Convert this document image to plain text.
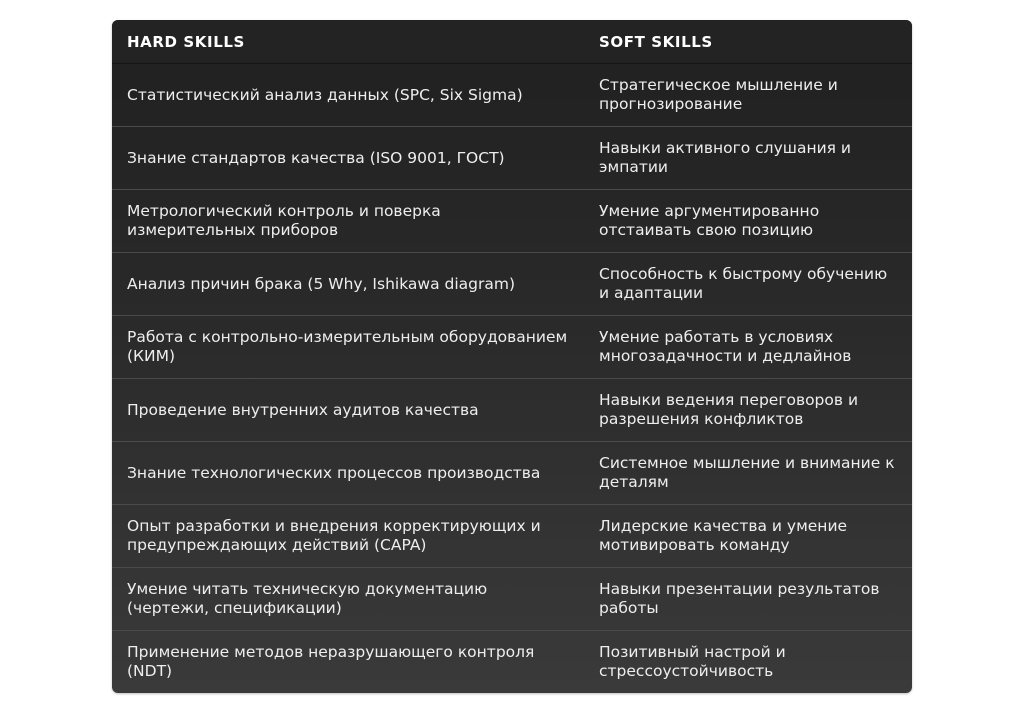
HARD SKILLS	SOFT SKILLS
Статистический анализ данных (SPC, Six Sigma)
Стратегическое мышление и прогнозирование
Знание стандартов качества (ISO 9001, ГОСТ)
Навыки активного слушания и эмпатии
Метрологический контроль и поверка измерительных приборов
Умение аргументированно отстаивать свою позицию
Анализ причин брака (5 Why, Ishikawa diagram)
Способность к быстрому обучению и адаптации
Работа с контрольно-измерительным оборудованием (КИМ)
Умение работать в условиях многозадачности и дедлайнов
Проведение внутренних аудитов качества
Навыки ведения переговоров и разрешения конфликтов
Знание технологических процессов производства
Системное мышление и внимание к деталям
Опыт разработки и внедрения корректирующих и предупреждающих действий (CAPA)
Лидерские качества и умение мотивировать команду
Умение читать техническую документацию (чертежи, спецификации)
Навыки презентации результатов работы
Применение методов неразрушающего контроля (NDT)
Позитивный настрой и стрессоустойчивость
